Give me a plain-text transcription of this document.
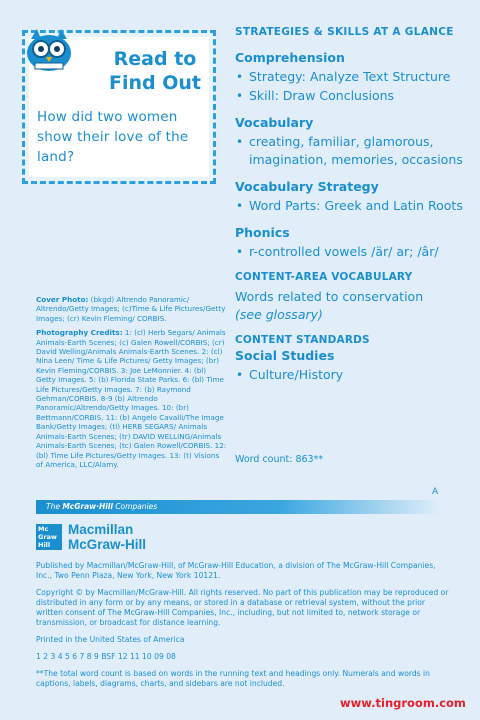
Read to
Find Out
How did two women show their love of the land?
STRATEGIES & SKILLS AT A GLANCE
Comprehension
• Strategy: Analyze Text Structure
• Skill: Draw Conclusions
Vocabulary
• creating, familiar, glamorous, imagination, memories, occasions
Vocabulary Strategy
• Word Parts: Greek and Latin Roots
Phonics
• r-controlled vowels /är/ ar; /âr/
CONTENT-AREA VOCABULARY
Words related to conservation
(see glossary)
CONTENT STANDARDS
Social Studies
• Culture/History
Word count: 863**
A

Cover Photo: (bkgd) Altrendo Panoramic/ Altrendo/Getty Images; (c)Time & Life Pictures/Getty Images; (cr) Kevin Fleming/ CORBIS.

Photography Credits: 1: (cl) Herb Segars/ Animals Animals-Earth Scenes; (c) Galen Rowell/CORBIS; (cr) David Welling/Animals Animals-Earth Scenes. 2: (cl) Nina Leen/ Time & Life Pictures/ Getty Images; (br) Kevin Fleming/CORBIS. 3: Joe LeMonnier. 4: (bl) Getty Images. 5: (b) Florida State Parks. 6: (bl) Time Life Pictures/Getty Images. 7: (b) Raymond Gehman/CORBIS. 8-9 (b) Altrendo Panoramic/Altrendo/Getty Images. 10: (br) Bettmann/CORBIS. 11: (b) Angelo Cavalli/The Image Bank/Getty Images; (tl) HERB SEGARS/ Animals Animals-Earth Scenes; (tr) DAVID WELLING/Animals Animals-Earth Scenes; (tc) Galen Rowell/CORBIS. 12: (bl) Time Life Pictures/Getty Images. 13: (t) Visions of America, LLC/Alamy.

The McGraw·Hill Companies
Mc
Graw
Hill
Macmillan
McGraw-Hill

Published by Macmillan/McGraw-Hill, of McGraw-Hill Education, a division of The McGraw-Hill Companies, Inc., Two Penn Plaza, New York, New York 10121.

Copyright © by Macmillan/McGraw-Hill. All rights reserved. No part of this publication may be reproduced or distributed in any form or by any means, or stored in a database or retrieval system, without the prior written consent of The McGraw-Hill Companies, Inc., including, but not limited to, network storage or transmission, or broadcast for distance learning.

Printed in the United States of America

1 2 3 4 5 6 7 8 9 BSF 12 11 10 09 08

**The total word count is based on words in the running text and headings only. Numerals and words in captions, labels, diagrams, charts, and sidebars are not included.

www.tingroom.com
